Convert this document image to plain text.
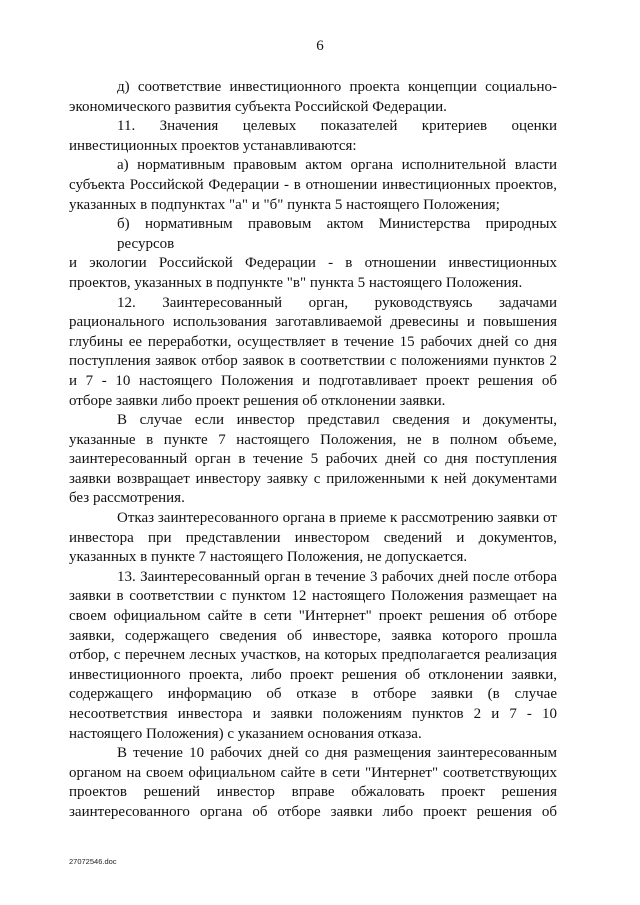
6

д) соответствие инвестиционного проекта концепции социально-
экономического развития субъекта Российской Федерации.

11. Значения целевых показателей критериев оценки
инвестиционных проектов устанавливаются:

а) нормативным правовым актом органа исполнительной власти
субъекта Российской Федерации - в отношении инвестиционных проектов,
указанных в подпунктах "а" и "б" пункта 5 настоящего Положения;

б) нормативным правовым актом Министерства природных ресурсов
и экологии Российской Федерации - в отношении инвестиционных
проектов, указанных в подпункте "в" пункта 5 настоящего Положения.

12. Заинтересованный орган, руководствуясь задачами
рационального использования заготавливаемой древесины и повышения
глубины ее переработки, осуществляет в течение 15 рабочих дней со дня
поступления заявок отбор заявок в соответствии с положениями пунктов 2
и 7 - 10 настоящего Положения и подготавливает проект решения об
отборе заявки либо проект решения об отклонении заявки.

В случае если инвестор представил сведения и документы,
указанные в пункте 7 настоящего Положения, не в полном объеме,
заинтересованный орган в течение 5 рабочих дней со дня поступления
заявки возвращает инвестору заявку с приложенными к ней документами
без рассмотрения.

Отказ заинтересованного органа в приеме к рассмотрению заявки от
инвестора при представлении инвестором сведений и документов,
указанных в пункте 7 настоящего Положения, не допускается.

13. Заинтересованный орган в течение 3 рабочих дней после отбора
заявки в соответствии с пунктом 12 настоящего Положения размещает на
своем официальном сайте в сети "Интернет" проект решения об отборе
заявки, содержащего сведения об инвесторе, заявка которого прошла
отбор, с перечнем лесных участков, на которых предполагается реализация
инвестиционного проекта, либо проект решения об отклонении заявки,
содержащего информацию об отказе в отборе заявки (в случае
несоответствия инвестора и заявки положениям пунктов 2 и 7 - 10
настоящего Положения) с указанием основания отказа.

В течение 10 рабочих дней со дня размещения заинтересованным
органом на своем официальном сайте в сети "Интернет" соответствующих
проектов решений инвестор вправе обжаловать проект решения
заинтересованного органа об отборе заявки либо проект решения об

27072546.doc
